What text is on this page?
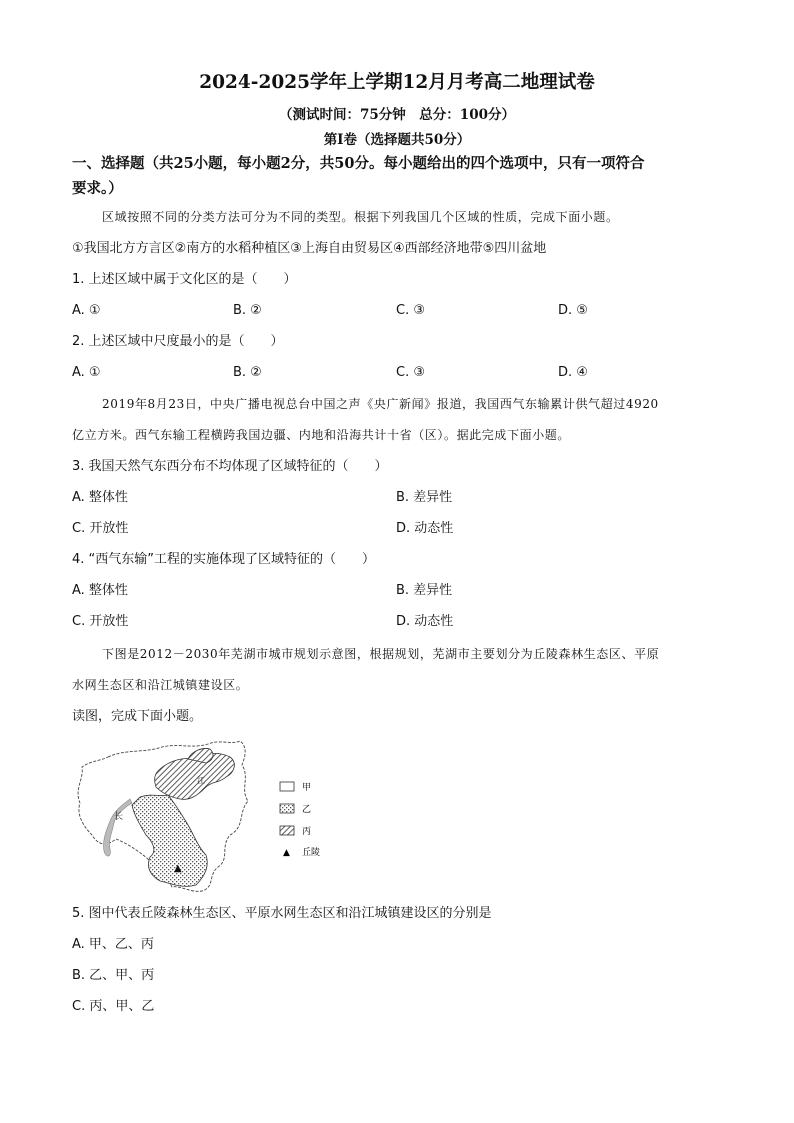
2024-2025学年上学期12月月考高二地理试卷
（测试时间：75分钟　总分：100分）
第Ⅰ卷（选择题共50分）
一、选择题（共25小题，每小题2分，共50分。每小题给出的四个选项中，只有一项符合
要求。）
区域按照不同的分类方法可分为不同的类型。根据下列我国几个区域的性质，完成下面小题。
①我国北方方言区②南方的水稻种植区③上海自由贸易区④西部经济地带⑤四川盆地
1. 上述区域中属于文化区的是（　　）
A. ①	B. ②	C. ③	D. ⑤
2. 上述区域中尺度最小的是（　　）
A. ①	B. ②	C. ③	D. ④
2019年8月23日，中央广播电视总台中国之声《央广新闻》报道，我国西气东输累计供气超过4920
亿立方米。西气东输工程横跨我国边疆、内地和沿海共计十省（区）。据此完成下面小题。
3. 我国天然气东西分布不均体现了区域特征的（　　）
A. 整体性	B. 差异性
C. 开放性	D. 动态性
4. “西气东输”工程的实施体现了区域特征的（　　）
A. 整体性	B. 差异性
C. 开放性	D. 动态性
下图是2012－2030年芜湖市城市规划示意图，根据规划，芜湖市主要划分为丘陵森林生态区、平原
水网生态区和沿江城镇建设区。
读图，完成下面小题。
长
江
▲
甲
乙
丙
▲ 丘陵
5. 图中代表丘陵森林生态区、平原水网生态区和沿江城镇建设区的分别是
A. 甲、乙、丙
B. 乙、甲、丙
C. 丙、甲、乙
